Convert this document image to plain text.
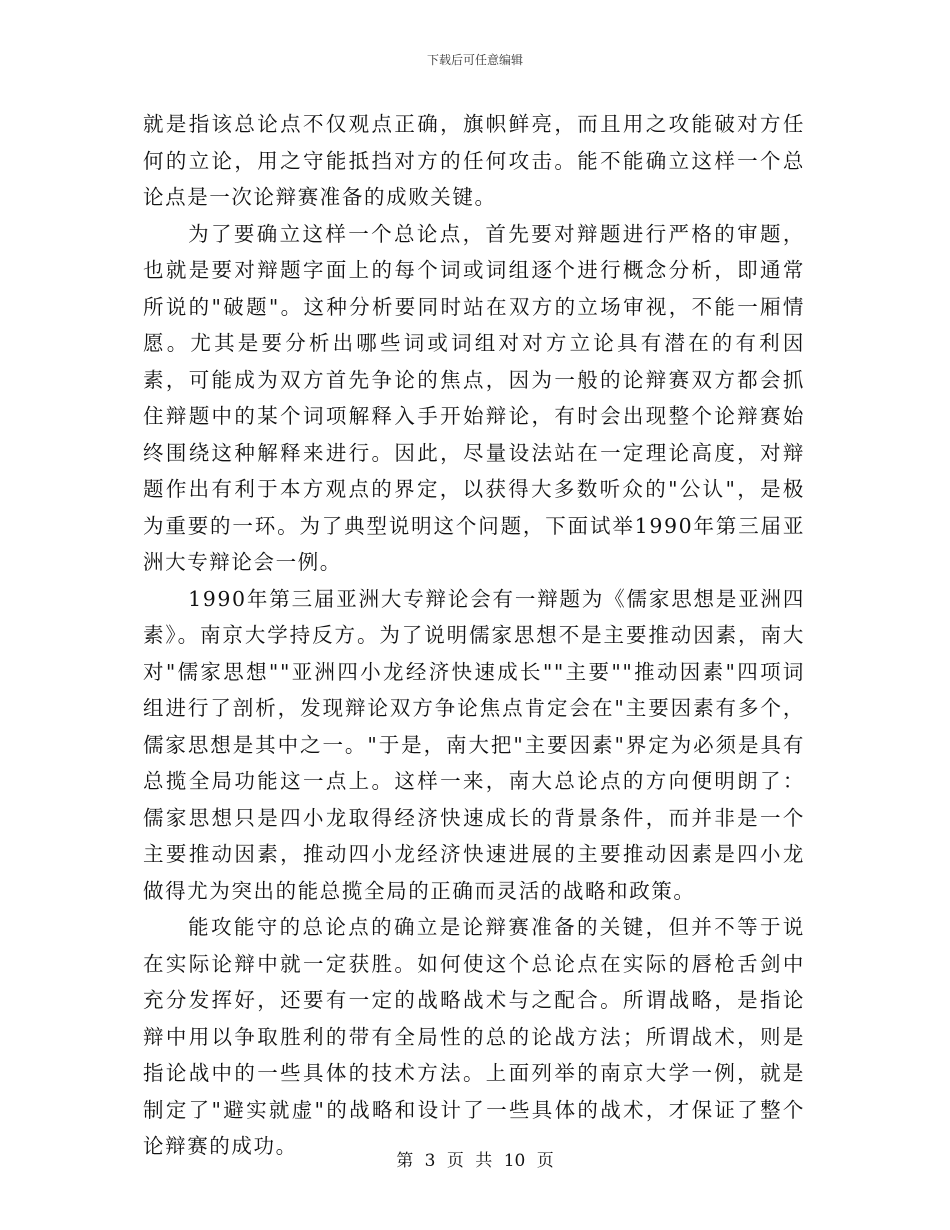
下载后可任意编辑

就是指该总论点不仅观点正确，旗帜鲜亮，而且用之攻能破对方任何的立论，用之守能抵挡对方的任何攻击。能不能确立这样一个总论点是一次论辩赛准备的成败关键。

为了要确立这样一个总论点，首先要对辩题进行严格的审题，也就是要对辩题字面上的每个词或词组逐个进行概念分析，即通常所说的"破题"。这种分析要同时站在双方的立场审视，不能一厢情愿。尤其是要分析出哪些词或词组对对方立论具有潜在的有利因素，可能成为双方首先争论的焦点，因为一般的论辩赛双方都会抓住辩题中的某个词项解释入手开始辩论，有时会出现整个论辩赛始终围绕这种解释来进行。因此，尽量设法站在一定理论高度，对辩题作出有利于本方观点的界定，以获得大多数听众的"公认"，是极为重要的一环。为了典型说明这个问题，下面试举1990年第三届亚洲大专辩论会一例。

1990年第三届亚洲大专辩论会有一辩题为《儒家思想是亚洲四素》。南京大学持反方。为了说明儒家思想不是主要推动因素，南大对"儒家思想""亚洲四小龙经济快速成长""主要""推动因素"四项词组进行了剖析，发现辩论双方争论焦点肯定会在"主要因素有多个，儒家思想是其中之一。"于是，南大把"主要因素"界定为必须是具有总揽全局功能这一点上。这样一来，南大总论点的方向便明朗了：儒家思想只是四小龙取得经济快速成长的背景条件，而并非是一个主要推动因素，推动四小龙经济快速进展的主要推动因素是四小龙做得尤为突出的能总揽全局的正确而灵活的战略和政策。

能攻能守的总论点的确立是论辩赛准备的关键，但并不等于说在实际论辩中就一定获胜。如何使这个总论点在实际的唇枪舌剑中充分发挥好，还要有一定的战略战术与之配合。所谓战略，是指论辩中用以争取胜利的带有全局性的总的论战方法；所谓战术，则是指论战中的一些具体的技术方法。上面列举的南京大学一例，就是制定了"避实就虚"的战略和设计了一些具体的战术，才保证了整个论辩赛的成功。

第 3 页 共 10 页
